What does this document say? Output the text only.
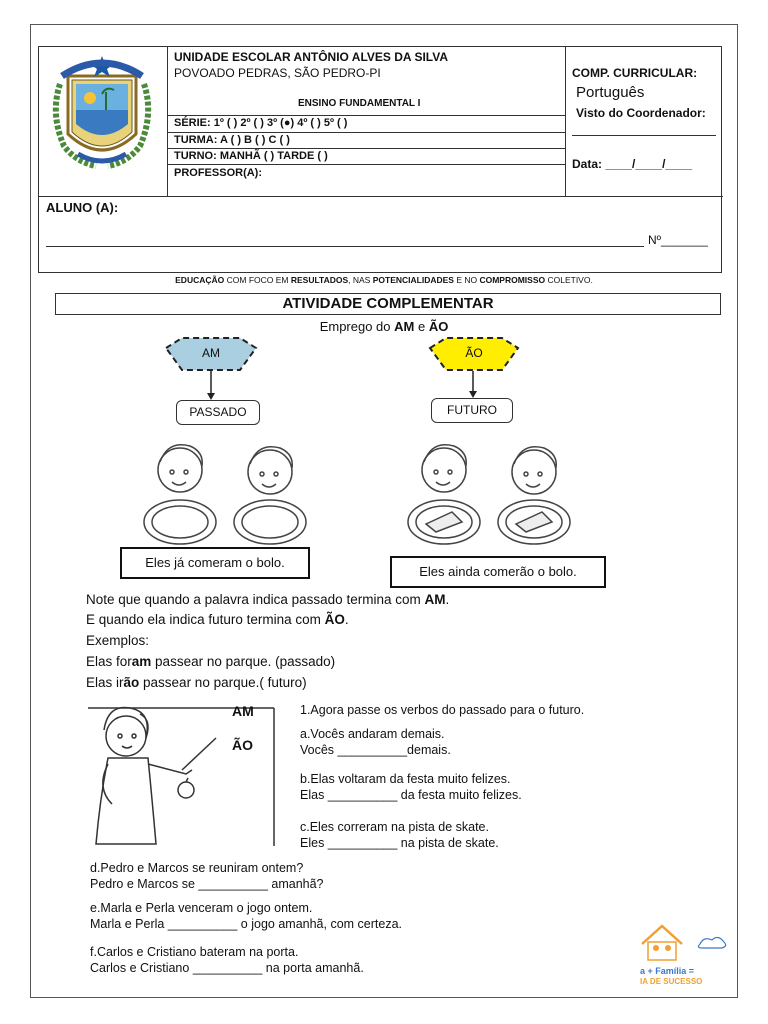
UNIDADE ESCOLAR ANTÔNIO ALVES DA SILVA
POVOADO PEDRAS, SÃO PEDRO-PI
ENSINO FUNDAMENTAL I
SÉRIE: 1º ( ) 2º ( ) 3º (●) 4º ( ) 5º ( )
TURMA: A ( ) B ( ) C ( )
TURNO: MANHÃ ( ) TARDE ( )
PROFESSOR(A):
COMP. CURRICULAR:
Português
Visto do Coordenador:
Data: ____/____/____
ALUNO (A):
Nº_______
EDUCAÇÃO COM FOCO EM RESULTADOS, NAS POTENCIALIDADES E NO COMPROMISSO COLETIVO.
ATIVIDADE COMPLEMENTAR
Emprego do AM e ÃO
AM	ÃO
PASSADO	FUTURO
Eles já comeram o bolo.
Eles ainda comerão o bolo.
Note que quando a palavra indica passado termina com AM.
E quando ela indica futuro termina com ÃO.
Exemplos:
Elas foram passear no parque. (passado)
Elas irão passear no parque.( futuro)
AM
ÃO
1.Agora passe os verbos do passado para o futuro.
a.Vocês andaram demais.
Vocês __________demais.
b.Elas voltaram da festa muito felizes.
Elas __________ da festa muito felizes.
c.Eles correram na pista de skate.
Eles __________ na pista de skate.
d.Pedro e Marcos se reuniram ontem?
Pedro e Marcos se __________ amanhã?
e.Marla e Perla venceram o jogo ontem.
Marla e Perla __________ o jogo amanhã, com certeza.
f.Carlos e Cristiano bateram na porta.
Carlos e Cristiano __________ na porta amanhã.	a + Família =
IA DE SUCESSO
